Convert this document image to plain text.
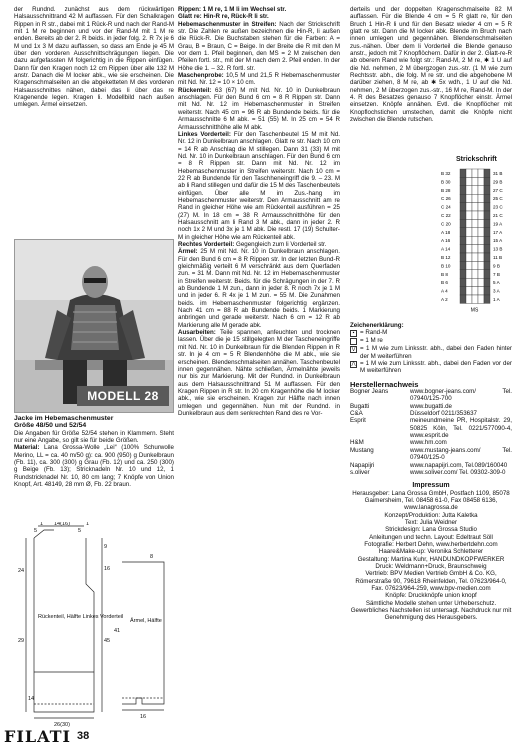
der Rundnd. zunächst aus dem rückwärtigen Halsausschnittrand 42 M auffassen. Für den Schalkragen Rippen in R str., dabei mit 1 Rück-R und nach der Rand-M mit 1 M re beginnen und vor der Rand-M mit 1 M re enden. Bereits ab der 2. R beids. in jeder folg. 2. R 7x je 6 M und 1x 3 M dazu auffassen, so dass am Ende je 45 M über den vorderen Ausschnittschrägungen liegen. Die dazu aufgefassten M folgerichtig in die Rippen einfügen. Dann für den Kragen noch 12 cm Rippen über alle 132 M anstr. Danach die M locker abk., wie sie erscheinen. Die Kragenschmalseiten an die abgeketteten M des vorderen Halsausschnittes nähen, dabei das li über das re Kragenende legen. Kragen li. Modellbild nach außen umlegen. Ärmel einsetzen.

MODELL 28

Jacke im Hebemaschenmuster

Größe 48/50 und 52/54

Die Angaben für Größe 52/54 stehen in Klammern. Steht nur eine Angabe, so gilt sie für beide Größen.

Material: Lana Grossa-Wolle „Lei“ (100% Schurwolle Merino, LL = ca. 40 m/50 g): ca. 900 (950) g Dunkelbraun (Fb. 11), ca. 300 (300) g Grau (Fb. 12) und ca. 250 (300) g Beige (Fb. 13); Stricknadeln Nr. 10 und 12, 1 Rundstricknadel Nr. 10, 80 cm lang; 7 Knöpfe von Union Knopf, Art. 48149, 28 mm Ø, Fb. 22 braun.

5
1 14(16)
5
1
9
16
45
24
41
29
14
26(30)
16
8
Rückenteil, Hälfte Linkes Vorderteil
Ärmel, Hälfte

Rippen: 1 M re, 1 M li im Wechsel str.

Glatt re: Hin-R re, Rück-R li str.

Hebemaschenmuster in Streifen: Nach der Strickschrift str. Die Zahlen re außen bezeichnen die Hin-R, li außen die Rück-R. Die Buchstaben stehen für die Farben: A = Grau, B = Braun, C = Beige. In der Breite die R mit den M vor dem 1. Pfeil beginnen, den MS = 2 M zwischen den Pfeilen fortl. str., mit der M nach dem 2. Pfeil enden. In der Höhe die 1. – 32. R fortl. str.

Maschenprobe: 10,5 M und 21,5 R Hebemaschenmuster mit Nd. Nr. 12 = 10 × 10 cm.

Rückenteil: 63 (67) M mit Nd. Nr. 10 in Dunkelbraun anschlagen. Für den Bund 6 cm = 8 R Rippen str. Dann mit Nd. Nr. 12 im Hebemaschenmuster in Streifen weiterstr. Nach 45 cm = 96 R ab Bundende beids. für die Armausschnitte 6 M abk. = 51 (55) M. In 25 cm = 54 R Armausschnitthöhe alle M abk.

Linkes Vorderteil: Für den Taschenbeutel 15 M mit Nd. Nr. 12 in Dunkelbraun anschlagen. Glatt re str. Nach 10 cm = 14 R ab Anschlag die M stillegen. Dann 31 (33) M mit Nd. Nr. 10 in Dunkelbraun anschlagen. Für den Bund 6 cm = 8 R Rippen str. Dann mit Nd. Nr. 12 im Hebemaschenmuster in Streifen weiterstr. Nach 10 cm = 22 R ab Bundende für den Taschheneingriff die 9. – 23. M ab li Rand stillegen und dafür die 15 M des Taschenbeutels einfügen. Über alle M im Zus.-hang im Hebemaschenmuster weiterstr. Den Armausschnitt am re Rand in gleicher Höhe wie am Rückenteil ausführen = 25 (27) M. In 18 cm = 38 R Armausschnitthöhe für den Halsausschnitt am li Rand 3 M abk., dann in jeder 2. R noch 1x 2 M und 3x je 1 M abk. Die restl. 17 (19) Schulter-M in gleicher Höhe wie am Rückenteil abk.

Rechtes Vorderteil: Gegengleich zum li Vorderteil str.

Ärmel: 25 M mit Nd. Nr. 10 in Dunkelbraun anschlagen. Für den Bund 6 cm = 8 R Rippen str. In der letzten Bund-R gleichmäßig verteilt 6 M verschränkt aus dem Querfaden zun. = 31 M. Dann mit Nd. Nr. 12 im Hebemaschenmuster in Streifen weiterstr. Beids. für die Schrägungen in der 7. R ab Bundende 1 M zun., dann in jeder 8. R noch 7x je 1 M und in jeder 6. R 4x je 1 M zun. = 55 M. Die Zunahmen beids. im Hebemaschenmuster folgerichtig ergänzen. Nach 41 cm = 88 R ab Bundende beids. 1 Markierung anbringen und gerade weiterstr. Nach 6 cm = 12 R ab Markierung alle M gerade abk.

Ausarbeiten: Teile spannen, anfeuchten und trocknen lassen. Über die je 15 stillgelegten M der Tascheneingriffe mit Nd. Nr. 10 in Dunkelbraun für die Blenden Rippen in R str. In je 4 cm = 5 R Blendenhöhe die M abk., wie sie erscheinen. Blendenschmalseiten annähen. Taschenbeutel innen gegennähen. Nähte schließen, Ärmelnähte jeweils nur bis zur Markierung. Mit der Rundnd. in Dunkelbraun aus dem Halsausschnittrand 51 M auffassen. Für den Kragen Rippen in R str. In 20 cm Kragenhöhe die M locker abk., wie sie erscheinen. Kragen zur Hälfte nach innen umlegen und gegennähen. Nun mit der Rundnd. in Dunkelbraun aus dem senkrechten Rand des re Vor-

derteils und der doppelten Kragenschmalseite 82 M auffassen. Für die Blende 4 cm = 5 R glatt re, für den Bruch 1 Hin-R li und für den Besatz wieder 4 cm = 5 R glatt re str. Dann die M locker abk. Blende im Bruch nach innen umlegen und gegennähen. Blendenschmalseiten zus.-nähen. Über dem li Vorderteil die Blende genauso anstr., jedoch mit 7 Knopflöchern. Dafür in der 2. Glatt-re-R ab oberem Rand wie folgt str.: Rand-M, 2 M re, ✱ 1 U auf die Nd. nehmen, 2 M übergzogen zus.-str. (1 M wie zum Rechtsstr. abh., die folg. M re str. und die abgehobene M darüber ziehen, 8 M re, ab ✱ 5x wdh., 1 U auf die Nd. nehmen, 2 M überzogen zus.-str., 16 M re, Rand-M. In der 4. R des Besatzes genauso 7 Knopflöcher einstr. Ärmel einsetzen. Knöpfe annähen. Evtl. die Knopflöcher mit Knopflochstichen umstechen, damit die Knöpfe nicht zwischen die Blende rutschen.

Strickschrift
B 32	31 B
B 30	29 B
B 28	27 C
C 26	25 C
C 24	23 C
C 22	21 C
C 20	19 A
A 18	17 A
A 16	15 A
A 14	13 B
B 12	11 B
B 10	9 B
B 8	7 B
B 6	5 A
A 4	3 A
A 2	1 A
MS

Zeichenerklärung:

▪ = Rand-M
= 1 M re
⋁ = 1 M wie zum Linksstr. abh., dabei den Faden hinter der M weiterführen
⋀ = 1 M wie zum Linksstr. abh., dabei den Faden vor der M weiterführen

Herstellernachweis

Bogner Jeans	www.bogner-jeans.com/ Tel. 07940/125-700
Bugatti	www.bugatti.de
C&A	Düsseldorf 0211/353637
Esprit	meineundmeine PR, Hospitalstr. 29, 50825 Köln, Tel. 0221/577090-4, www.esprit.de
H&M	www.hm.com
Mustang	www.mustang-jeans.com/ Tel. 07940/125-0
Napapijri	www.napapijri.com, Tel.089/160040
s.oliver	www.soliver.com/ Tel. 09302-309-0

Impressum

Herausgeber: Lana Grossa GmbH, Postfach 1109, 85078 Gaimersheim, Tel. 08458 61-0, Fax 08458 6136, www.lanagrossa.de

Konzept/Produktion: Jutta Kaletka

Text: Julia Weidner

Strickdesign: Lana Grossa Studio

Anleitungen und techn. Layout: Edeltraut Söll

Fotografie: Herbert Dehn, www.herbertdehn.com

Haare&Make-up: Veronika Schletterer

Gestaltung: Martina Kuhr, HANDUNDKOPFWERKER

Druck: Weldmann+Druck, Braunschweig

Vertrieb: BPV Medien Vertrieb GmbH & Co. KG, Römerstraße 90, 79618 Rheinfelden, Tel. 07623/964-0, Fax. 07623/964-259, www.bpv-medien.com

Knöpfe: Druckknöpfe union knopf

Sämtliche Modelle stehen unter Urheberschutz. Gewerbliches Nachstellen ist untersagt. Nachdruck nur mit Genehmigung des Herausgebers.

FILATI 38
